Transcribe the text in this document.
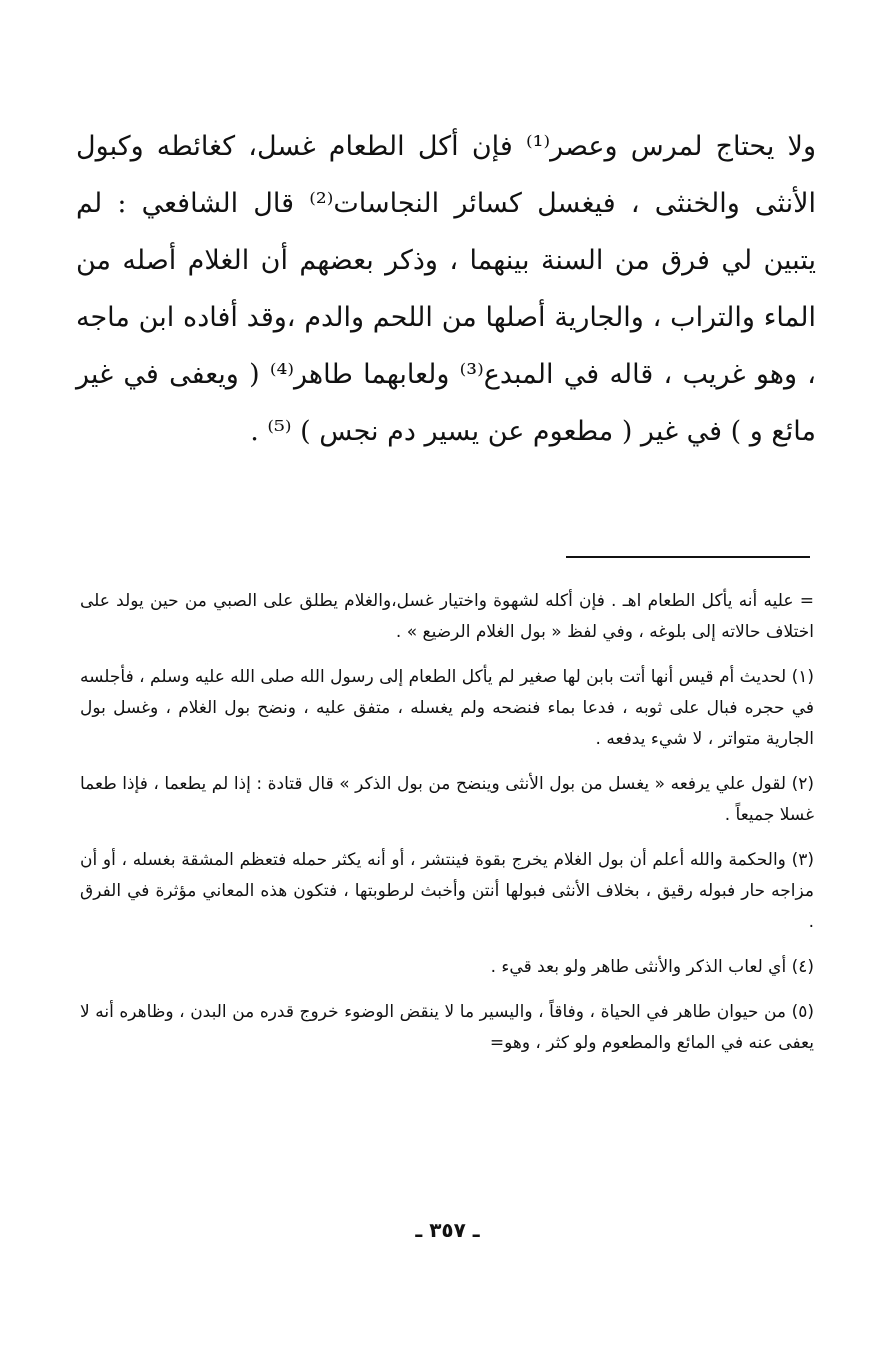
ولا يحتاج لمرس وعصر⁽¹⁾ فإن أكل الطعام غسل، كغائطه وكبول الأنثى والخنثى ، فيغسل كسائر النجاسات⁽²⁾ قال الشافعي : لم يتبين لي فرق من السنة بينهما ، وذكر بعضهم أن الغلام أصله من الماء والتراب ، والجارية أصلها من اللحم والدم ،وقد أفاده ابن ماجه ، وهو غريب ، قاله في المبدع⁽³⁾ ولعابهما طاهر⁽⁴⁾ ( ويعفى في غير مائع و ) في غير ( مطعوم عن يسير دم نجس ) ⁽⁵⁾ .

= عليه أنه يأكل الطعام اهـ . فإن أكله لشهوة واختيار غسل،والغلام يطلق على الصبي من حين يولد على اختلاف حالاته إلى بلوغه ، وفي لفظ « بول الغلام الرضيع » .

(١) لحديث أم قيس أنها أتت بابن لها صغير لم يأكل الطعام إلى رسول الله صلى الله عليه وسلم ، فأجلسه في حجره فبال على ثوبه ، فدعا بماء فنضحه ولم يغسله ، متفق عليه ، ونضح بول الغلام ، وغسل بول الجارية متواتر ، لا شيء يدفعه .

(٢) لقول علي يرفعه « يغسل من بول الأنثى وينضح من بول الذكر » قال قتادة : إذا لم يطعما ، فإذا طعما غسلا جميعاً .

(٣) والحكمة والله أعلم أن بول الغلام يخرج بقوة فينتشر ، أو أنه يكثر حمله فتعظم المشقة بغسله ، أو أن مزاجه حار فبوله رقيق ، بخلاف الأنثى فبولها أنتن وأخبث لرطوبتها ، فتكون هذه المعاني مؤثرة في الفرق .

(٤) أي لعاب الذكر والأنثى طاهر ولو بعد قيء .

(٥) من حيوان طاهر في الحياة ، وفاقاً ، واليسير ما لا ينقض الوضوء خروج قدره من البدن ، وظاهره أنه لا يعفى عنه في المائع والمطعوم ولو كثر ، وهو=

ـ ٣٥٧ ـ
